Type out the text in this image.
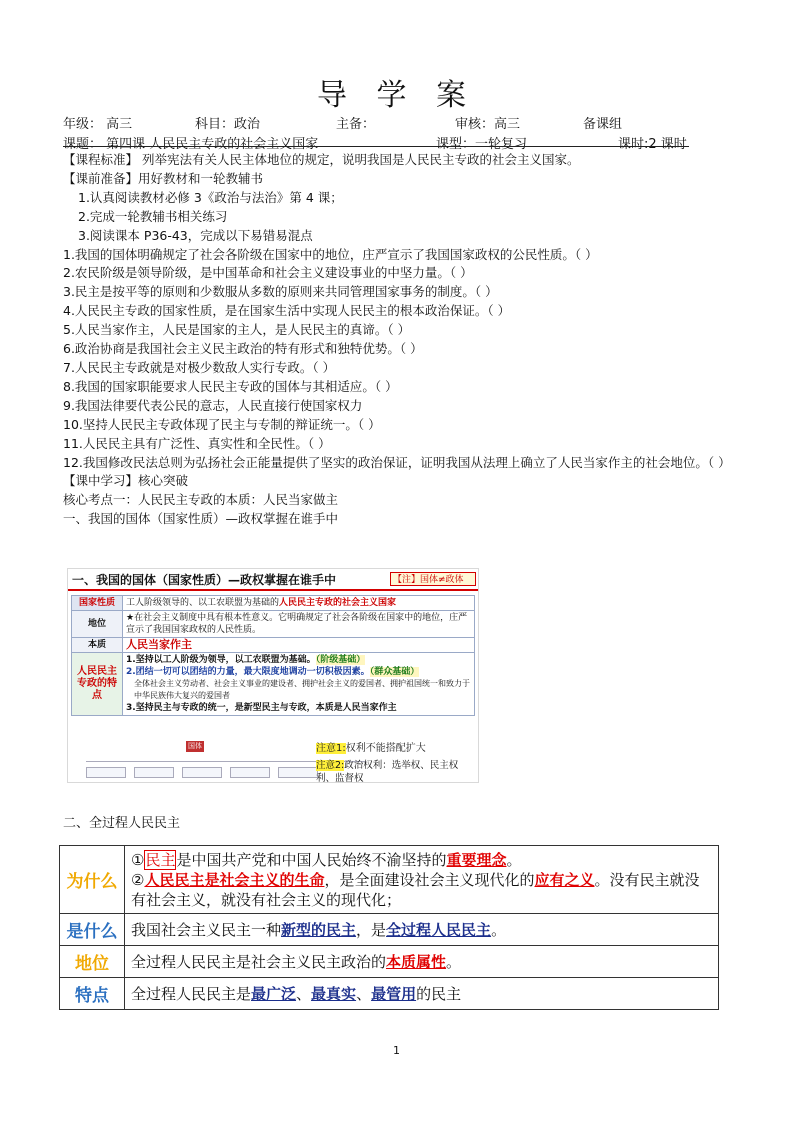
导 学 案
年级： 高三	科目：政治	主备：	审核：高三	备课组
课题： 第四课 人民民主专政的社会主义国家	课型：一轮复习	课时:2 课时
【课程标准】 列举宪法有关人民主体地位的规定，说明我国是人民民主专政的社会主义国家。
【课前准备】用好教材和一轮教辅书
1.认真阅读教材必修 3《政治与法治》第 4 课；
2.完成一轮教辅书相关练习
3.阅读课本 P36-43，完成以下易错易混点
1.我国的国体明确规定了社会各阶级在国家中的地位，庄严宣示了我国国家政权的公民性质。（ ）
2.农民阶级是领导阶级，是中国革命和社会主义建设事业的中坚力量。（ ）
3.民主是按平等的原则和少数服从多数的原则来共同管理国家事务的制度。（ ）
4.人民民主专政的国家性质，是在国家生活中实现人民民主的根本政治保证。（ ）
5.人民当家作主，人民是国家的主人，是人民民主的真谛。（ ）
6.政治协商是我国社会主义民主政治的特有形式和独特优势。（ ）
7.人民民主专政就是对极少数敌人实行专政。（ ）
8.我国的国家职能要求人民民主专政的国体与其相适应。（ ）
9.我国法律要代表公民的意志，人民直接行使国家权力
10.坚持人民民主专政体现了民主与专制的辩证统一。（ ）
11.人民民主具有广泛性、真实性和全民性。（ ）
12.我国修改民法总则为弘扬社会正能量提供了坚实的政治保证，证明我国从法理上确立了人民当家作主的社会地位。（ ）
【课中学习】核心突破
核心考点一：人民民主专政的本质：人民当家做主
一、我国的国体（国家性质）—政权掌握在谁手中
一、我国的国体（国家性质）—政权掌握在谁手中	【注】国体≠政体
国家性质	工人阶级领导的、以工农联盟为基础的人民民主专政的社会主义国家
地位	★在社会主义制度中具有根本性意义。它明确规定了社会各阶级在国家中的地位，庄严宣示了我国国家政权的人民性质。
本质	人民当家作主
人民民主专政的特点	1.坚持以工人阶级为领导，以工农联盟为基础。（阶级基础）
2.团结一切可以团结的力量，最大限度地调动一切积极因素。（群众基础）
全体社会主义劳动者、社会主义事业的建设者、拥护社会主义的爱国者、拥护祖国统一和致力于中华民族伟大复兴的爱国者
3.坚持民主与专政的统一，是新型民主与专政，本质是人民当家作主
国体	注意1:权利不能搭配扩大
注意2:政治权利：选举权、民主权利、监督权
二、全过程人民民主
为什么	①民主是中国共产党和中国人民始终不渝坚持的重要理念。
②人民民主是社会主义的生命，是全面建设社会主义现代化的应有之义。没有民主就没有社会主义，就没有社会主义的现代化；

是什么	我国社会主义民主一种新型的民主，是全过程人民民主。
地位	全过程人民民主是社会主义民主政治的本质属性。
特点	全过程人民民主是最广泛、最真实、最管用的民主
1
